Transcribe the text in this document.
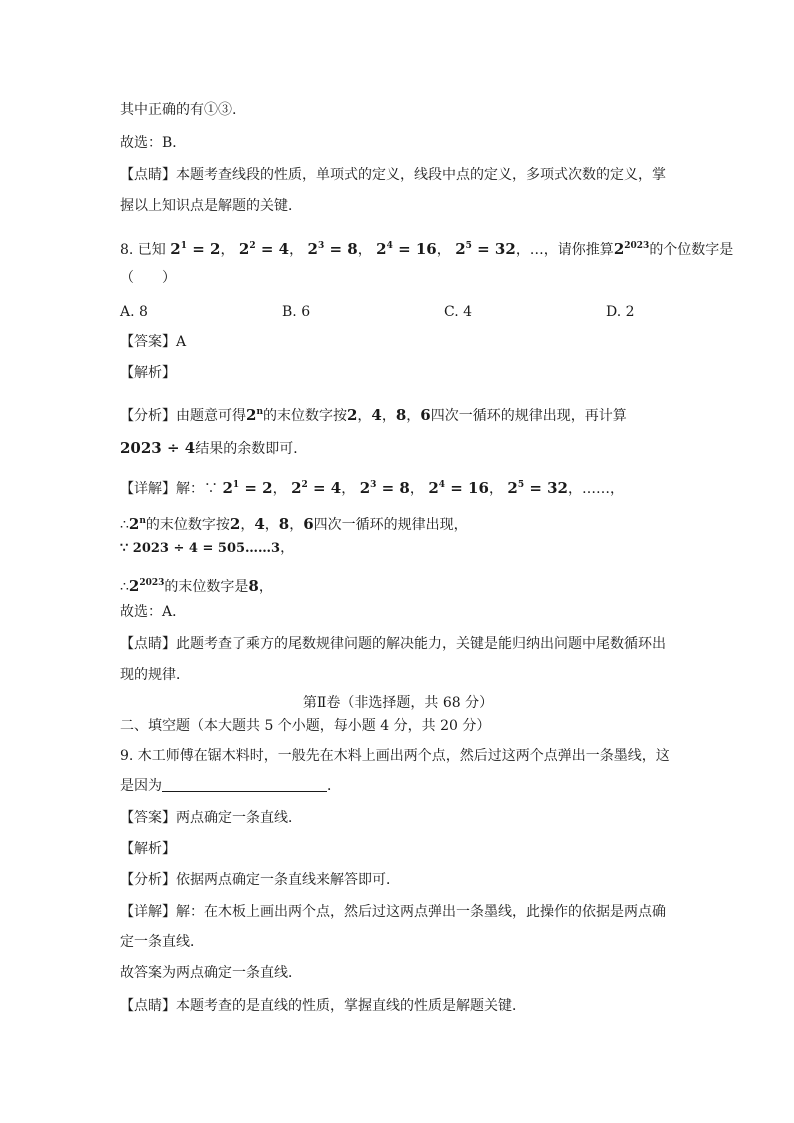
其中正确的有①③.
故选：B．
【点睛】本题考查线段的性质，单项式的定义，线段中点的定义，多项式次数的定义，掌
握以上知识点是解题的关键．
8. 已知 $2^1 = 2$， $2^2 = 4$， $2^3 = 8$， $2^4 = 16$， $2^5 = 32$，…，请你推算$2^{2023}$的个位数字是
（　　）
A. 8	B. 6	C. 4	D. 2
【答案】A
【解析】
【分析】由题意可得2$^n$的末位数字按2，4，8，6四次一循环的规律出现，再计算
2023 ÷ 4结果的余数即可．
【详解】解：∵ $2^1 = 2$， $2^2 = 4$， $2^3 = 8$， $2^4 = 16$， $2^5 = 32$，……，
∴2$^n$的末位数字按2，4，8，6四次一循环的规律出现，
∵ 2023 ÷ 4 = 505……3，
$\therefore 2^{2023}$的末位数字是8，
故选：A．
【点睛】此题考查了乘方的尾数规律问题的解决能力，关键是能归纳出问题中尾数循环出
现的规律．
第Ⅱ卷（非选择题，共 68 分）
二、填空题（本大题共 5 个小题，每小题 4 分，共 20 分）
9. 木工师傅在锯木料时，一般先在木料上画出两个点，然后过这两个点弹出一条墨线，这
是因为	．
【答案】两点确定一条直线．
【解析】
【分析】依据两点确定一条直线来解答即可．
【详解】解：在木板上画出两个点，然后过这两点弹出一条墨线，此操作的依据是两点确
定一条直线．
故答案为两点确定一条直线．
【点睛】本题考查的是直线的性质，掌握直线的性质是解题关键．
